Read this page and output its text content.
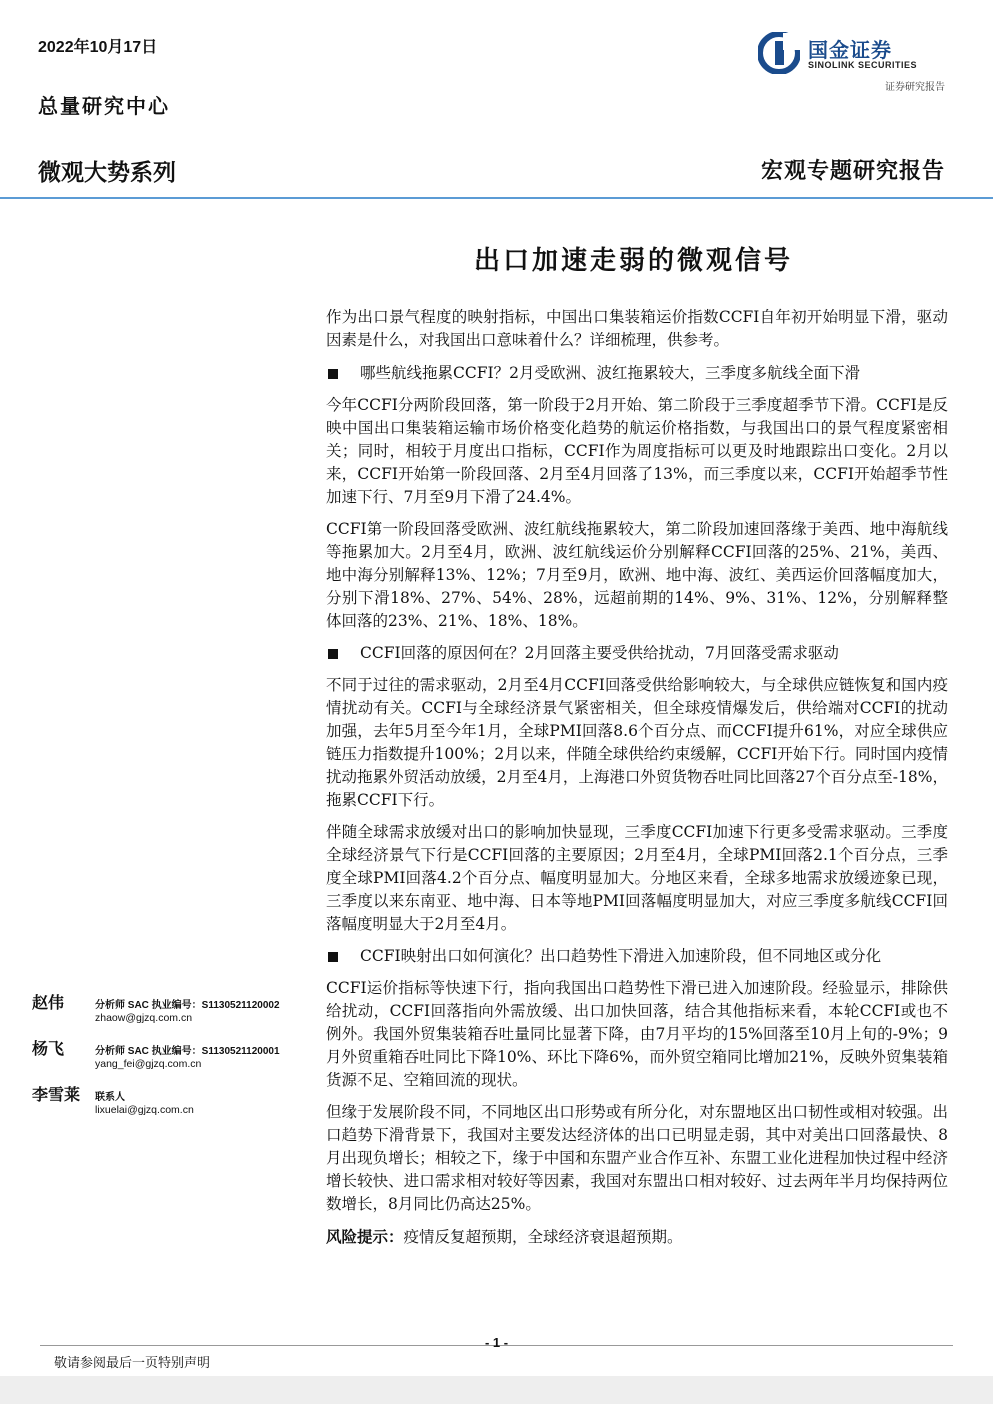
2022年10月17日
总量研究中心
微观大势系列	宏观专题研究报告
国金证券
SINOLINK SECURITIES
证券研究报告
出口加速走弱的微观信号

作为出口景气程度的映射指标，中国出口集装箱运价指数CCFI自年初开始明显下滑，驱动因素是什么，对我国出口意味着什么？详细梳理，供参考。

哪些航线拖累CCFI？2月受欧洲、波红拖累较大，三季度多航线全面下滑

今年CCFI分两阶段回落，第一阶段于2月开始、第二阶段于三季度超季节下滑。CCFI是反映中国出口集装箱运输市场价格变化趋势的航运价格指数，与我国出口的景气程度紧密相关；同时，相较于月度出口指标，CCFI作为周度指标可以更及时地跟踪出口变化。2月以来，CCFI开始第一阶段回落、2月至4月回落了13%，而三季度以来，CCFI开始超季节性加速下行、7月至9月下滑了24.4%。

CCFI第一阶段回落受欧洲、波红航线拖累较大，第二阶段加速回落缘于美西、地中海航线等拖累加大。2月至4月，欧洲、波红航线运价分别解释CCFI回落的25%、21%，美西、地中海分别解释13%、12%；7月至9月，欧洲、地中海、波红、美西运价回落幅度加大，分别下滑18%、27%、54%、28%，远超前期的14%、9%、31%、12%，分别解释整体回落的23%、21%、18%、18%。

CCFI回落的原因何在？2月回落主要受供给扰动，7月回落受需求驱动

不同于过往的需求驱动，2月至4月CCFI回落受供给影响较大，与全球供应链恢复和国内疫情扰动有关。CCFI与全球经济景气紧密相关，但全球疫情爆发后，供给端对CCFI的扰动加强，去年5月至今年1月，全球PMI回落8.6个百分点、而CCFI提升61%，对应全球供应链压力指数提升100%；2月以来，伴随全球供给约束缓解，CCFI开始下行。同时国内疫情扰动拖累外贸活动放缓，2月至4月，上海港口外贸货物吞吐同比回落27个百分点至-18%，拖累CCFI下行。

伴随全球需求放缓对出口的影响加快显现，三季度CCFI加速下行更多受需求驱动。三季度全球经济景气下行是CCFI回落的主要原因；2月至4月，全球PMI回落2.1个百分点，三季度全球PMI回落4.2个百分点、幅度明显加大。分地区来看，全球多地需求放缓迹象已现，三季度以来东南亚、地中海、日本等地PMI回落幅度明显加大，对应三季度多航线CCFI回落幅度明显大于2月至4月。

CCFI映射出口如何演化？出口趋势性下滑进入加速阶段，但不同地区或分化

CCFI运价指标等快速下行，指向我国出口趋势性下滑已进入加速阶段。经验显示，排除供给扰动，CCFI回落指向外需放缓、出口加快回落，结合其他指标来看，本轮CCFI或也不例外。我国外贸集装箱吞吐量同比显著下降，由7月平均的15%回落至10月上旬的-9%；9月外贸重箱吞吐同比下降10%、环比下降6%，而外贸空箱同比增加21%，反映外贸集装箱货源不足、空箱回流的现状。

但缘于发展阶段不同，不同地区出口形势或有所分化，对东盟地区出口韧性或相对较强。出口趋势下滑背景下，我国对主要发达经济体的出口已明显走弱，其中对美出口回落最快、8月出现负增长；相较之下，缘于中国和东盟产业合作互补、东盟工业化进程加快过程中经济增长较快、进口需求相对较好等因素，我国对东盟出口相对较好、过去两年半月均保持两位数增长，8月同比仍高达25%。

风险提示：疫情反复超预期，全球经济衰退超预期。
赵伟	分析师 SAC 执业编号：S1130521120002
zhaow@gjzq.com.cn
杨飞	分析师 SAC 执业编号：S1130521120001
yang_fei@gjzq.com.cn
李雪莱 联系人
lixuelai@gjzq.com.cn
- 1 -
敬请参阅最后一页特别声明
